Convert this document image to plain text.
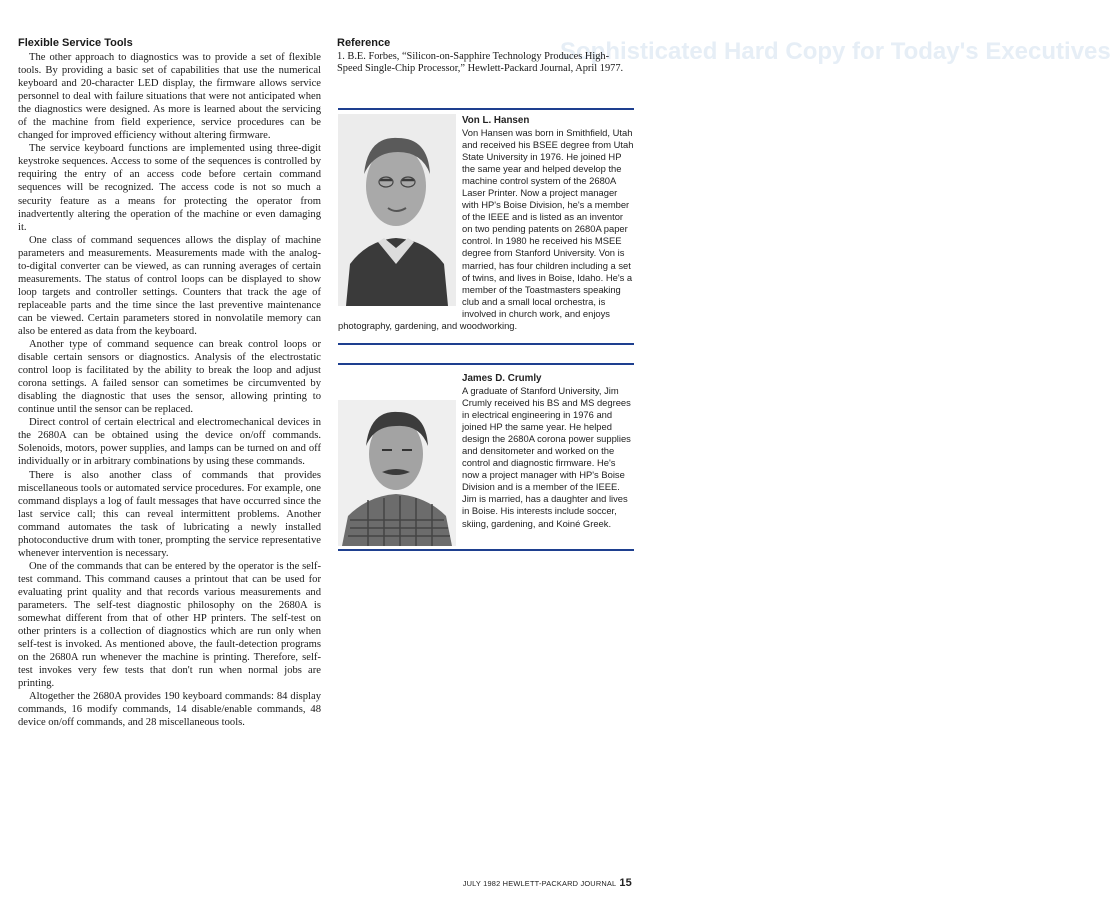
Sophisticated Hard Copy for Today's Executives
Flexible Service Tools

The other approach to diagnostics was to provide a set of flexible tools. By providing a basic set of capabilities that use the numerical keyboard and 20-character LED display, the firmware allows service personnel to deal with failure situations that were not anticipated when the diagnostics were designed. As more is learned about the servicing of the machine from field experience, service procedures can be changed for improved efficiency without altering firmware.

The service keyboard functions are implemented using three-digit keystroke sequences. Access to some of the sequences is controlled by requiring the entry of an access code before certain command sequences will be recognized. The access code is not so much a security feature as a means for protecting the operator from inadvertently altering the operation of the machine or even damaging it.

One class of command sequences allows the display of machine parameters and measurements. Measurements made with the analog-to-digital converter can be viewed, as can running averages of certain measurements. The status of control loops can be displayed to show loop targets and controller settings. Counters that track the age of replaceable parts and the time since the last preventive maintenance can be viewed. Certain parameters stored in nonvolatile memory can also be entered as data from the keyboard.

Another type of command sequence can break control loops or disable certain sensors or diagnostics. Analysis of the electrostatic control loop is facilitated by the ability to break the loop and adjust corona settings. A failed sensor can sometimes be circumvented by disabling the diagnostic that uses the sensor, allowing printing to continue until the sensor can be replaced.

Direct control of certain electrical and electromechanical devices in the 2680A can be obtained using the device on/off commands. Solenoids, motors, power supplies, and lamps can be turned on and off individually or in arbitrary combinations by using these commands.

There is also another class of commands that provides miscellaneous tools or automated service procedures. For example, one command displays a log of fault messages that have occurred since the last service call; this can reveal intermittent problems. Another command automates the task of lubricating a newly installed photoconductive drum with toner, prompting the service representative whenever intervention is necessary.

One of the commands that can be entered by the operator is the self-test command. This command causes a printout that can be used for evaluating print quality and that records various measurements and parameters. The self-test diagnostic philosophy on the 2680A is somewhat different from that of other HP printers. The self-test on other printers is a collection of diagnostics which are run only when self-test is invoked. As mentioned above, the fault-detection programs on the 2680A run whenever the machine is printing. Therefore, self-test invokes very few tests that don't run when normal jobs are printing.

Altogether the 2680A provides 190 keyboard commands: 84 display commands, 16 modify commands, 14 disable/enable commands, 48 device on/off commands, and 28 miscellaneous tools.

Reference

1. B.E. Forbes, “Silicon-on-Sapphire Technology Produces High-Speed Single-Chip Processor,” Hewlett-Packard Journal, April 1977.

Von L. Hansen

Von Hansen was born in Smithfield, Utah and received his BSEE degree from Utah State University in 1976. He joined HP the same year and helped develop the machine control system of the 2680A Laser Printer. Now a project manager with HP's Boise Division, he's a member of the IEEE and is listed as an inventor on two pending patents on 2680A paper control. In 1980 he received his MSEE degree from Stanford University. Von is married, has four children including a set of twins, and lives in Boise, Idaho. He's a member of the Toastmasters speaking club and a small local orchestra, is involved in church work, and enjoys photography, gardening, and woodworking.

James D. Crumly

A graduate of Stanford University, Jim Crumly received his BS and MS degrees in electrical engineering in 1976 and joined HP the same year. He helped design the 2680A corona power supplies and densitometer and worked on the control and diagnostic firmware. He's now a project manager with HP's Boise Division and is a member of the IEEE. Jim is married, has a daughter and lives in Boise. His interests include soccer, skiing, gardening, and Koiné Greek.

JULY 1982 HEWLETT-PACKARD JOURNAL 15
